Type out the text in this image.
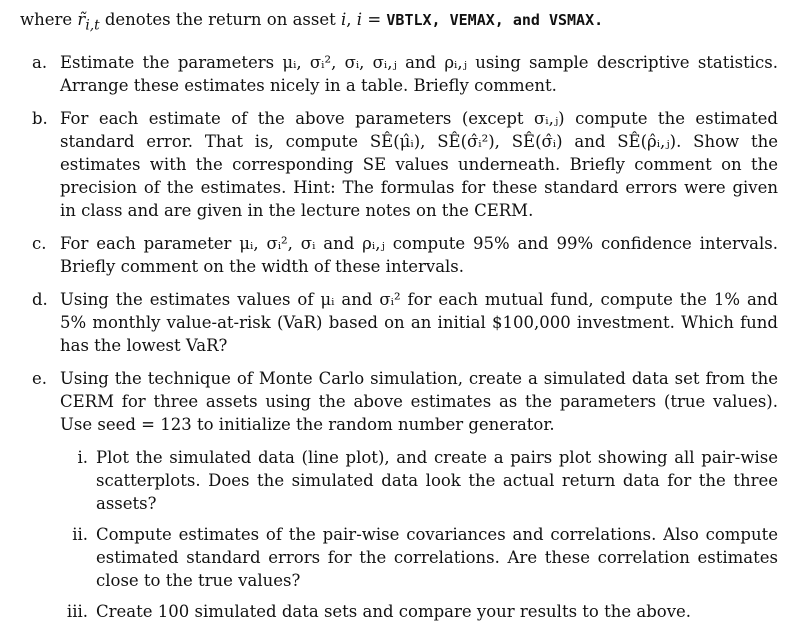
where $r̃_{i,t}$ denotes the return on asset i, i = VBTLX, VEMAX, and VSMAX.

a. Estimate the parameters μᵢ, σᵢ², σᵢ, σᵢ,ⱼ and ρᵢ,ⱼ using sample descriptive statistics. Arrange these estimates nicely in a table. Briefly comment.
b. For each estimate of the above parameters (except σᵢ,ⱼ) compute the estimated standard error. That is, compute SÊ(μ̂ᵢ), SÊ(σ̂ᵢ²), SÊ(σ̂ᵢ) and SÊ(ρ̂ᵢ,ⱼ). Show the estimates with the corresponding SE values underneath. Briefly comment on the precision of the estimates. Hint: The formulas for these standard errors were given in class and are given in the lecture notes on the CERM.
c. For each parameter μᵢ, σᵢ², σᵢ and ρᵢ,ⱼ compute 95% and 99% confidence intervals. Briefly comment on the width of these intervals.
d. Using the estimates values of μᵢ and σᵢ² for each mutual fund, compute the 1% and 5% monthly value-at-risk (VaR) based on an initial $100,000 investment. Which fund has the lowest VaR?
e. Using the technique of Monte Carlo simulation, create a simulated data set from the CERM for three assets using the above estimates as the parameters (true values). Use seed = 123 to initialize the random number generator.
i. Plot the simulated data (line plot), and create a pairs plot showing all pair-wise scatterplots. Does the simulated data look the actual return data for the three assets?
ii. Compute estimates of the pair-wise covariances and correlations. Also compute estimated standard errors for the correlations. Are these correlation estimates close to the true values?
iii. Create 100 simulated data sets and compare your results to the above.
